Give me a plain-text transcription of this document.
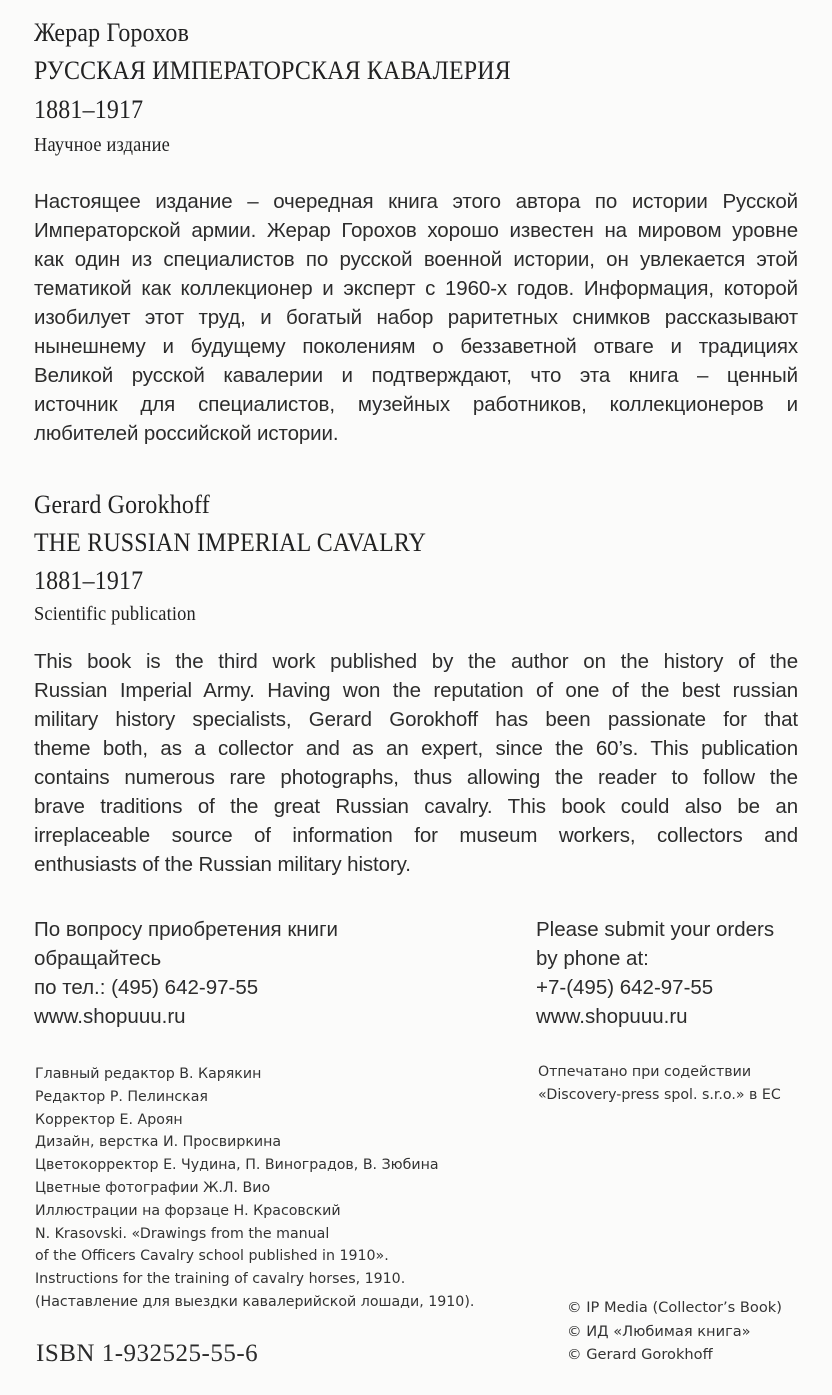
Жерар Горохов
РУССКАЯ ИМПЕРАТОРСКАЯ КАВАЛЕРИЯ
1881–1917
Научное издание
Настоящее издание – очередная книга этого автора по истории Русской
Императорской армии. Жерар Горохов хорошо известен на мировом уровне
как один из специалистов по русской военной истории, он увлекается этой
тематикой как коллекционер и эксперт с 1960-х годов. Информация, которой
изобилует этот труд, и богатый набор раритетных снимков рассказывают
нынешнему и будущему поколениям о беззаветной отваге и традициях
Великой русской кавалерии и подтверждают, что эта книга – ценный
источник для специалистов, музейных работников, коллекционеров и
любителей российской истории.
Gerard Gorokhoff
THE RUSSIAN IMPERIAL CAVALRY
1881–1917
Scientific publication
This book is the third work published by the author on the history of the
Russian Imperial Army. Having won the reputation of one of the best russian
military history specialists, Gerard Gorokhoff has been passionate for that
theme both, as a collector and as an expert, since the 60’s. This publication
contains numerous rare photographs, thus allowing the reader to follow the
brave traditions of the great Russian cavalry. This book could also be an
irreplaceable source of information for museum workers, collectors and
enthusiasts of the Russian military history.
По вопросу приобретения книги
обращайтесь
по тел.: (495) 642-97-55
www.shopuuu.ru
Please submit your orders
by phone at:
+7-(495) 642-97-55
www.shopuuu.ru
Главный редактор В. Карякин
Редактор Р. Пелинская
Корректор Е. Ароян
Дизайн, верстка И. Просвиркина
Цветокорректор Е. Чудина, П. Виноградов, В. Зюбина
Цветные фотографии Ж.Л. Вио
Иллюстрации на форзаце Н. Красовский
N. Krasovski. «Drawings from the manual
of the Officers Cavalry school published in 1910».
Instructions for the training of cavalry horses, 1910.
(Наставление для выездки кавалерийской лошади, 1910).
Отпечатано при содействии
«Discovery-press spol. s.r.o.» в ЕС
© IP Media (Collector’s Book)
© ИД «Любимая книга»
© Gerard Gorokhoff
ISBN 1-932525-55-6
